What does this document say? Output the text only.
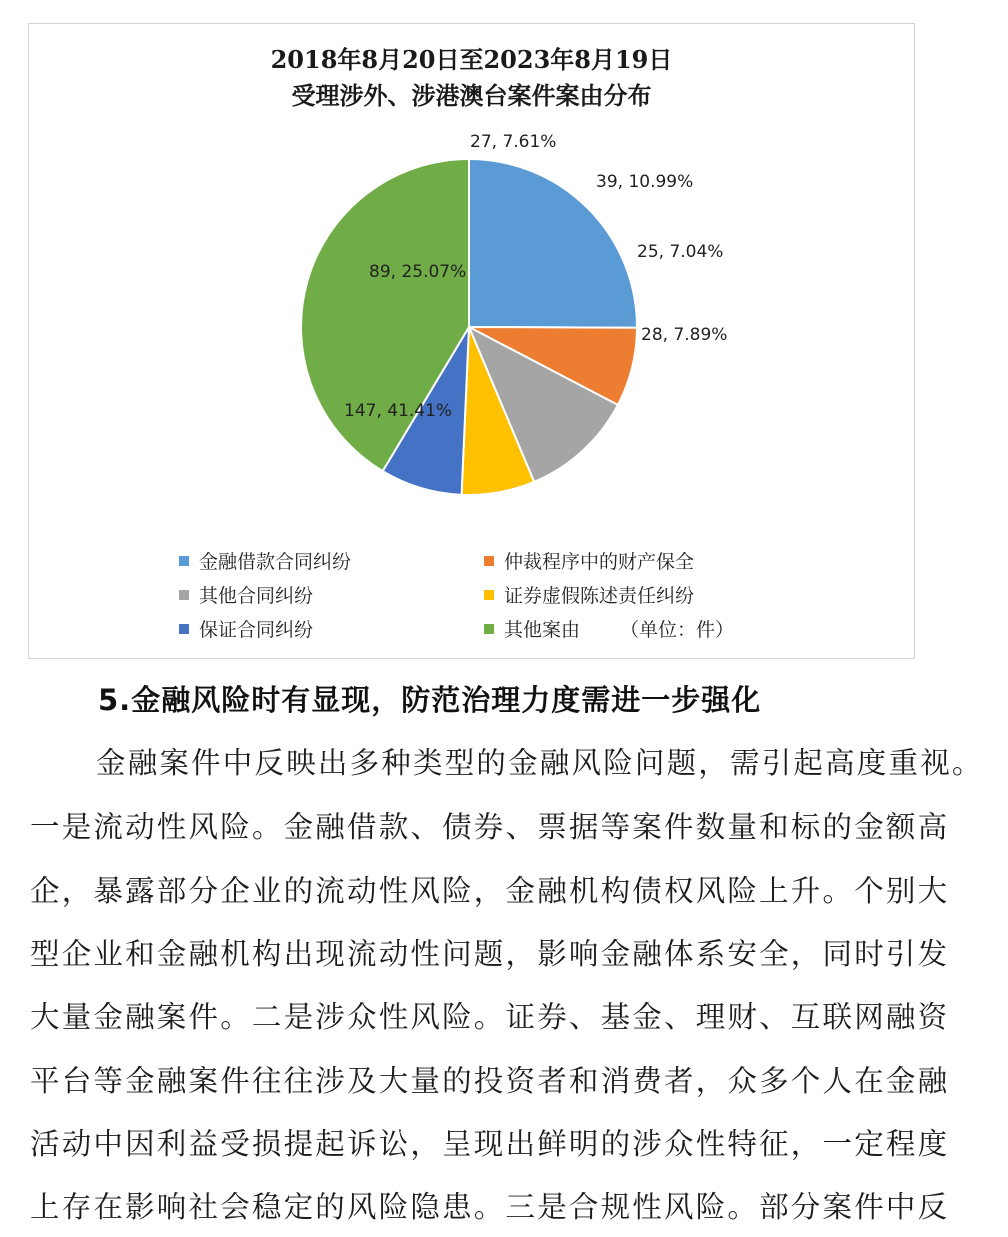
2018年8月20日至2023年8月19日
受理涉外、涉港澳台案件案由分布
89, 25.07%
27, 7.61%
39, 10.99%
25, 7.04%
28, 7.89%
147, 41.41%
金融借款合同纠纷	仲裁程序中的财产保全
其他合同纠纷	证券虚假陈述责任纠纷
保证合同纠纷	其他案由 （单位：件）
5.金融风险时有显现，防范治理力度需进一步强化
金融案件中反映出多种类型的金融风险问题，需引起高度重视。
一是流动性风险。金融借款、债券、票据等案件数量和标的金额高
企，暴露部分企业的流动性风险，金融机构债权风险上升。个别大
型企业和金融机构出现流动性问题，影响金融体系安全，同时引发
大量金融案件。二是涉众性风险。证券、基金、理财、互联网融资
平台等金融案件往往涉及大量的投资者和消费者，众多个人在金融
活动中因利益受损提起诉讼，呈现出鲜明的涉众性特征，一定程度
上存在影响社会稳定的风险隐患。三是合规性风险。部分案件中反
